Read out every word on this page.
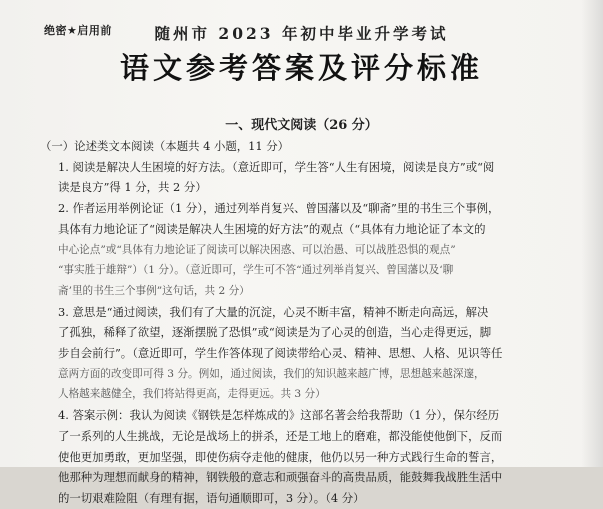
绝密★启用前	随州市 2023 年初中毕业升学考试
语文参考答案及评分标准
一、现代文阅读（26 分）

（一）论述类文本阅读（本题共 4 小题，11 分）

1. 阅读是解决人生困境的好方法。（意近即可，学生答“人生有困境，阅读是良方”或“阅

读是良方”得 1 分，共 2 分）

2. 作者运用举例论证（1 分），通过列举肖复兴、曾国藩以及“聊斋”里的书生三个事例，

具体有力地论证了“阅读是解决人生困境的好方法”的观点（“具体有力地论证了本文的

中心论点”或“具体有力地论证了阅读可以解决困惑、可以治愚、可以战胜恐惧的观点”

“事实胜于雄辩”）（1 分）。（意近即可，学生可不答“通过列举肖复兴、曾国藩以及‘聊

斋’里的书生三个事例”这句话，共 2 分）

3. 意思是“通过阅读，我们有了大量的沉淀，心灵不断丰富，精神不断走向高远，解决

了孤独，稀释了欲望，逐渐摆脱了恐惧”或“阅读是为了心灵的创造，当心走得更远，脚

步自会前行”。（意近即可，学生作答体现了阅读带给心灵、精神、思想、人格、见识等任

意两方面的改变即可得 3 分。例如，通过阅读，我们的知识越来越广博，思想越来越深邃，

人格越来越健全，我们将站得更高，走得更远。共 3 分）

4. 答案示例：我认为阅读《钢铁是怎样炼成的》这部名著会给我帮助（1 分），保尔经历

了一系列的人生挑战，无论是战场上的拼杀，还是工地上的磨难，都没能使他倒下，反而

使他更加勇敢，更加坚强，即使伤病夺走他的健康，他仍以另一种方式践行生命的誓言，

他那种为理想而献身的精神，钢铁般的意志和顽强奋斗的高贵品质，能鼓舞我战胜生活中

的一切艰难险阻（有理有据，语句通顺即可，3 分）。（4 分）
